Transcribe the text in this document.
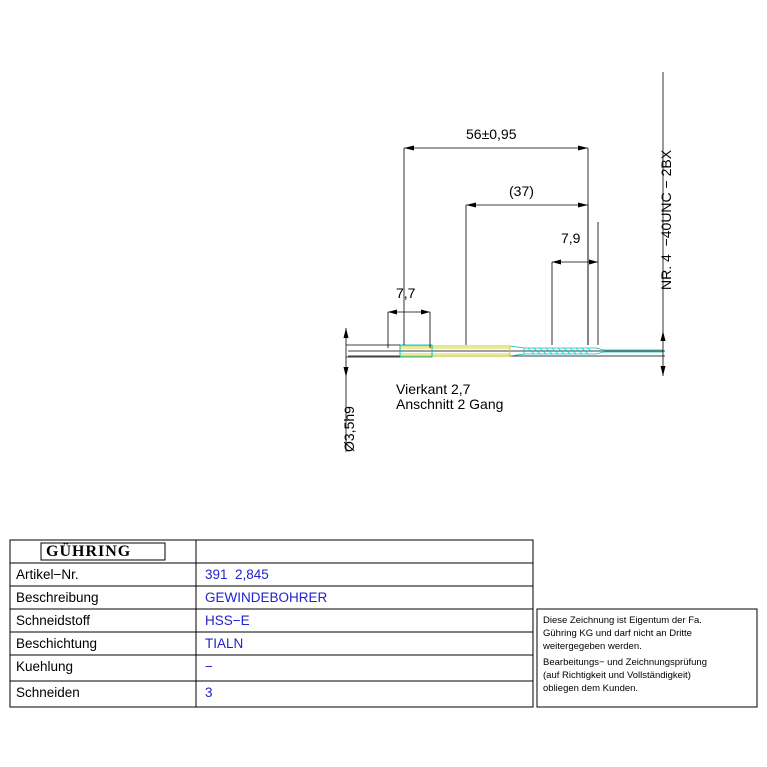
56±0,95
(37)
7,9
7,7
Ø3,5h9
NR. 4  −40UNC − 2BX
Vierkant 2,7
Anschnitt 2 Gang
GÜHRING
Artikel−Nr.
Beschreibung
Schneidstoff
Beschichtung
Kuehlung
Schneiden
391  2,845
GEWINDEBOHRER
HSS−E
TIALN
−
3
Diese Zeichnung ist Eigentum der Fa.
Gühring KG und darf nicht an Dritte
weitergegeben werden.
Bearbeitungs− und Zeichnungsprüfung
(auf Richtigkeit und Vollständigkeit)
obliegen dem Kunden.
